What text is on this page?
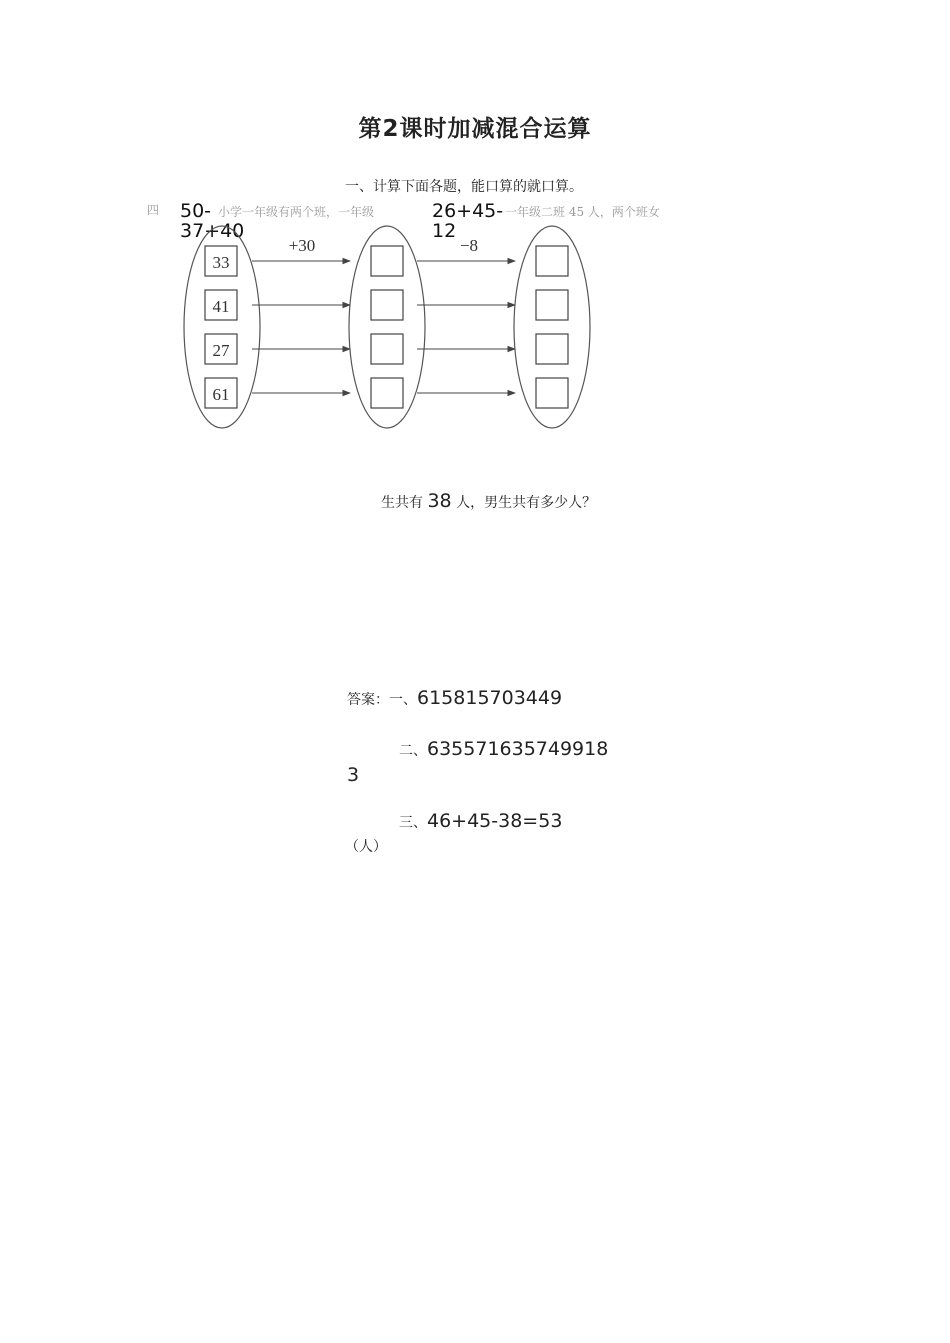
第2课时加减混合运算
一、计算下面各题，能口算的就口算。
四	小学一年级有两个班，一年级	一年级二班 45 人，两个班女
50-	26+45-
37+40	12
33
41
27
61
+30	−8
生共有 38 人，男生共有多少人？
答案：一、615815703449
二、635571635749918
3
三、46+45-38=53
（人）
